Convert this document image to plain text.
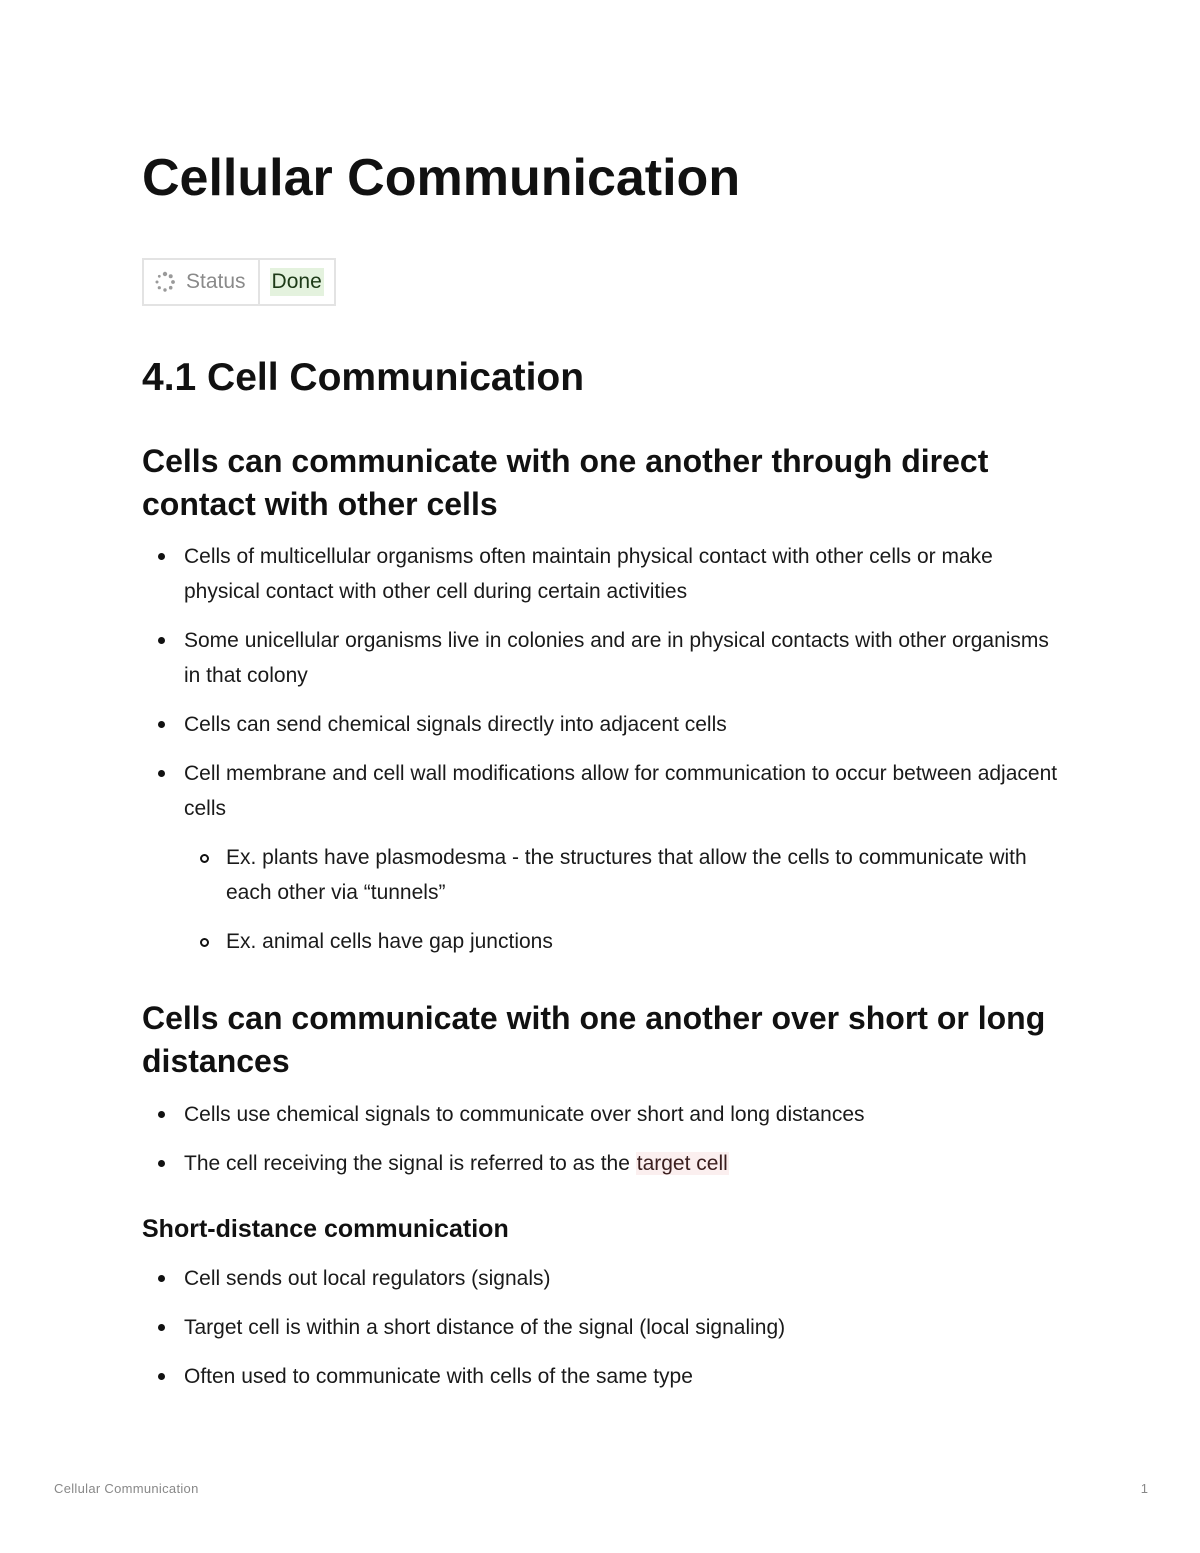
Cellular Communication
Status Done
4.1 Cell Communication
Cells can communicate with one another through direct contact with other cells
Cells of multicellular organisms often maintain physical contact with other cells or make physical contact with other cell during certain activities
Some unicellular organisms live in colonies and are in physical contacts with other organisms in that colony
Cells can send chemical signals directly into adjacent cells
Cell membrane and cell wall modifications allow for communication to occur between adjacent cells
Ex. plants have plasmodesma - the structures that allow the cells to communicate with each other via “tunnels”
Ex. animal cells have gap junctions
Cells can communicate with one another over short or long distances
Cells use chemical signals to communicate over short and long distances
The cell receiving the signal is referred to as the target cell
Short-distance communication
Cell sends out local regulators (signals)
Target cell is within a short distance of the signal (local signaling)
Often used to communicate with cells of the same type
Cellular Communication	1
